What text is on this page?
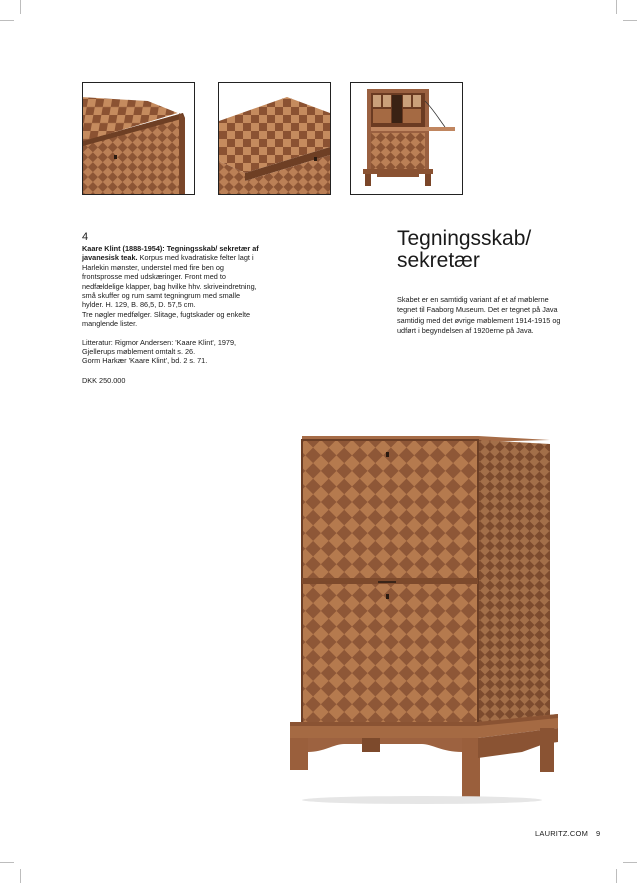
4
Kaare Klint (1888-1954): Tegningsskab/ sekretær af javanesisk teak. Korpus med kvadratiske felter lagt i Harlekin mønster, understel med fire ben og frontsprosse med udskæringer. Front med to nedfældelige klapper, bag hvilke hhv. skriveindretning, små skuffer og rum samt tegningrum med smalle hylder. H. 129, B. 86,5, D. 57,5 cm.
Tre nøgler medfølger. Slitage, fugtskader og enkelte manglende lister.
Litteratur: Rigmor Andersen: 'Kaare Klint', 1979, Gjellerups møblement omtalt s. 26.
Gorm Harkær 'Kaare Klint', bd. 2 s. 71.
DKK 250.000
Tegningsskab/
sekretær
Skabet er en samtidig variant af et af møblerne tegnet til Faaborg Museum. Det er tegnet på Java samtidig med det øvrige møblement 1914-1915 og udført i begyndelsen af 1920erne på Java.
LAURITZ.COM 9
